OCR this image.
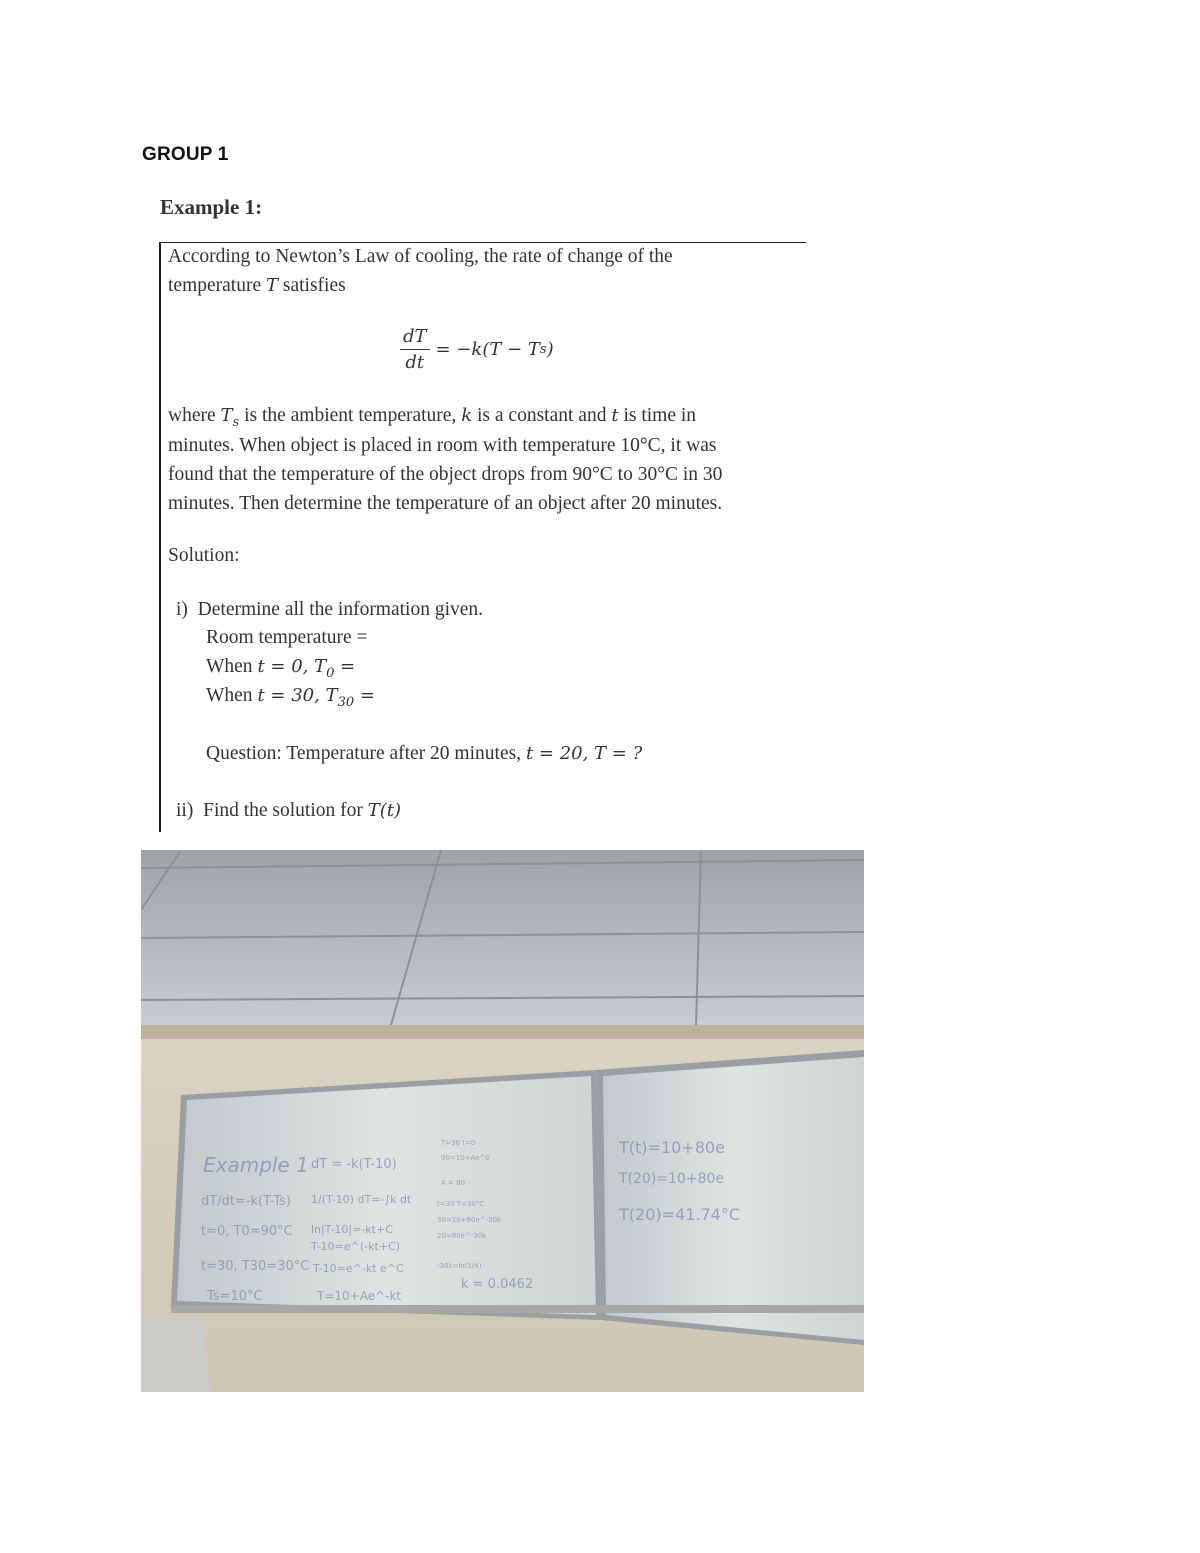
GROUP 1
Example 1:
According to Newton’s Law of cooling, the rate of change of the
temperature T satisfies
$\frac{dT}{dt} = -k(T - T$ s )
where $T_s$ is the ambient temperature, k is a constant and t is time in
minutes. When object is placed in room with temperature 10°C, it was
found that the temperature of the object drops from 90°C to 30°C in 30
minutes. Then determine the temperature of an object after 20 minutes.
Solution:
i) Determine all the information given.
Room temperature =
When t = 0, $T_0$ =
When t = 30, $T_{30}$ =
Question: Temperature after 20 minutes, t = 20, T = ?
ii) Find the solution for T(t)
Example 1
dT/dt=-k(T-Ts)
t=0, T0=90°C
t=30, T30=30°C
Ts=10°C
dT = -k(T-10)
1/(T-10) dT=-∫k dt
ln|T-10|=-kt+C
T-10=e^(-kt+C)
T-10=e^-kt e^C
T=10+Ae^-kt
T=90 t=0
90=10+Ae^0
A = 80
t=30 T=30°C
30=10+80e^-30k
20=80e^-30k
-30k=ln(1/4)
k = 0.0462
T(t)=10+80e
T(20)=10+80e
T(20)=41.74°C
